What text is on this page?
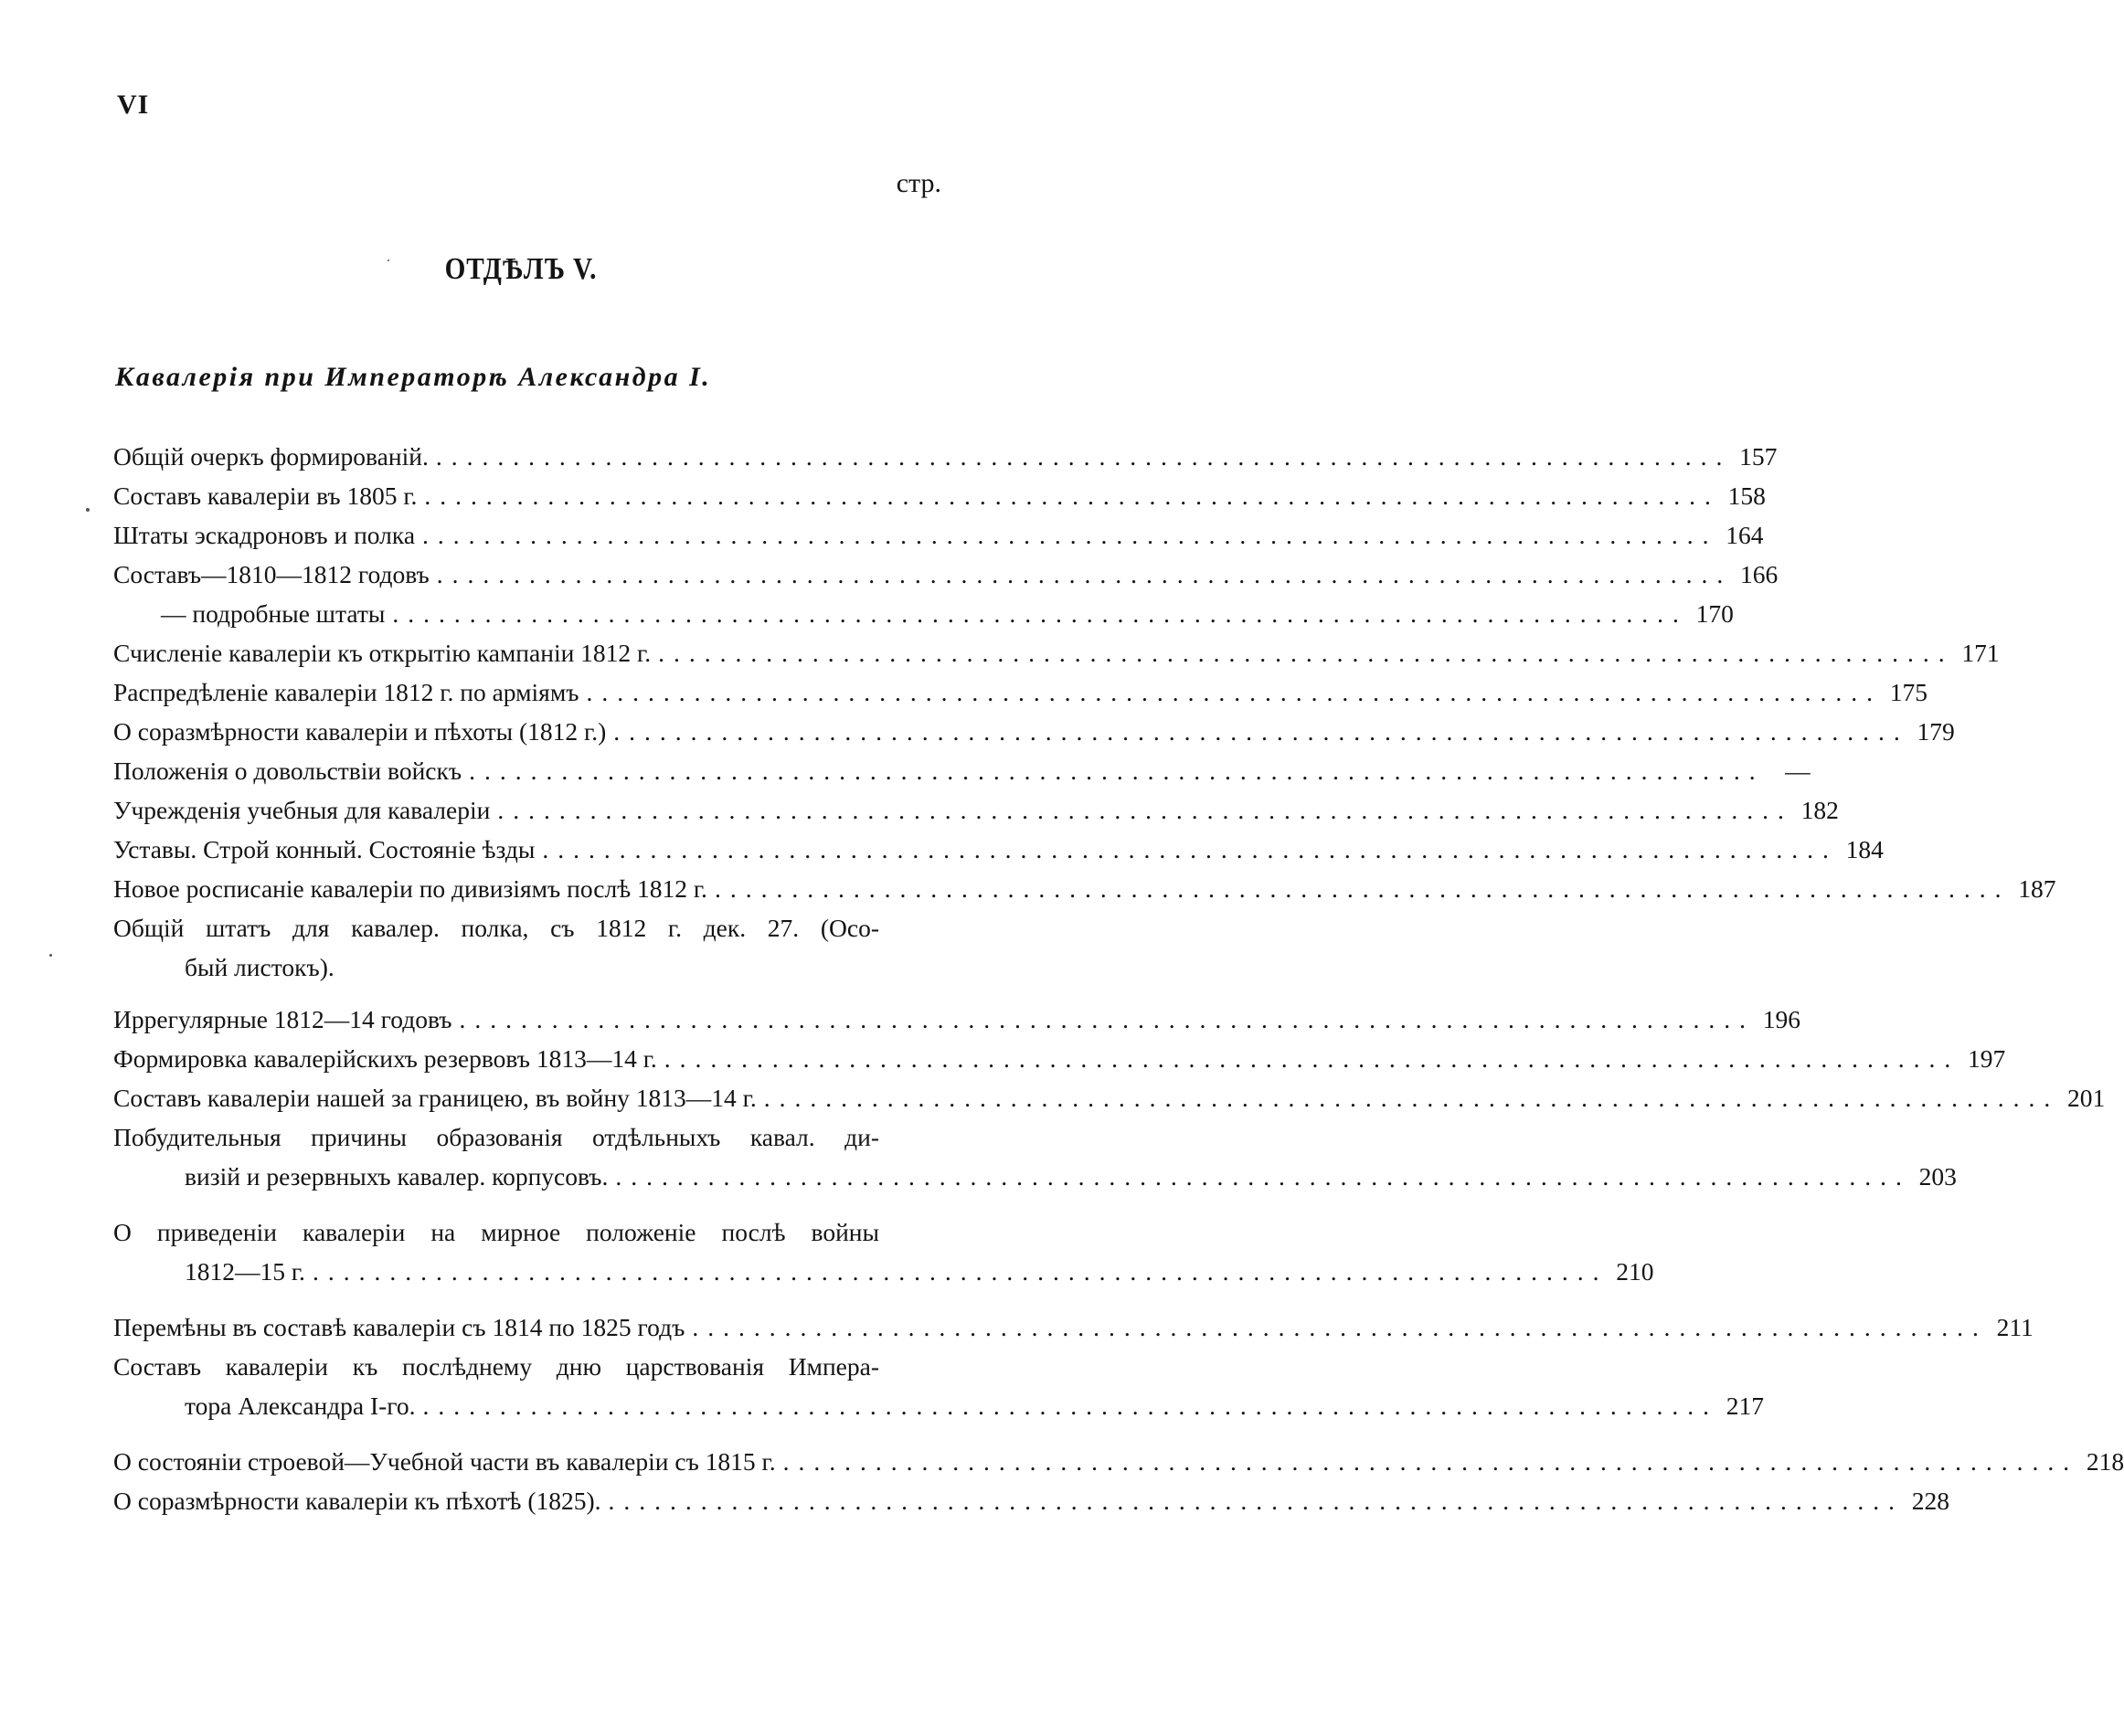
VI
стр.
ОТДѢЛЪ V.
Кавалерія при Императорѣ Александра I.
Общій очеркъ формированій. .................................................................................... 157
Составъ кавалеріи въ 1805 г. .................................................................................... 158
Штаты эскадроновъ и полка .................................................................................... 164
Составъ—1810—1812 годовъ .................................................................................... 166
— подробные штаты .................................................................................... 170
Счисленіе кавалеріи къ открытію кампаніи 1812 г. .................................................................................... 171
Распредѣленіе кавалеріи 1812 г. по арміямъ .................................................................................... 175
О соразмѣрности кавалеріи и пѣхоты (1812 г.) .................................................................................... 179
Положенія о довольствіи войскъ .................................................................................... —
Учрежденія учебныя для кавалеріи .................................................................................... 182
Уставы. Строй конный. Состояніе ѣзды .................................................................................... 184
Новое росписаніе кавалеріи по дивизіямъ послѣ 1812 г. .................................................................................... 187
Общій штатъ для кавалер. полка, съ 1812 г. дек. 27. (Осо-
бый листокъ).
Иррегулярные 1812—14 годовъ .................................................................................... 196
Формировка кавалерійскихъ резервовъ 1813—14 г. .................................................................................... 197
Составъ кавалеріи нашей за границею, въ войну 1813—14 г. .................................................................................... 201
Побудительныя причины образованія отдѣльныхъ кавал. ди-
визій и резервныхъ кавалер. корпусовъ. .................................................................................... 203
О приведеніи кавалеріи на мирное положеніе послѣ войны
1812—15 г. .................................................................................... 210
Перемѣны въ составѣ кавалеріи съ 1814 по 1825 годъ .................................................................................... 211
Составъ кавалеріи къ послѣднему дню царствованія Импера-
тора Александра I-го. .................................................................................... 217
О состояніи строевой—Учебной части въ кавалеріи съ 1815 г. .................................................................................... 218
О соразмѣрности кавалеріи къ пѣхотѣ (1825). .................................................................................... 228
